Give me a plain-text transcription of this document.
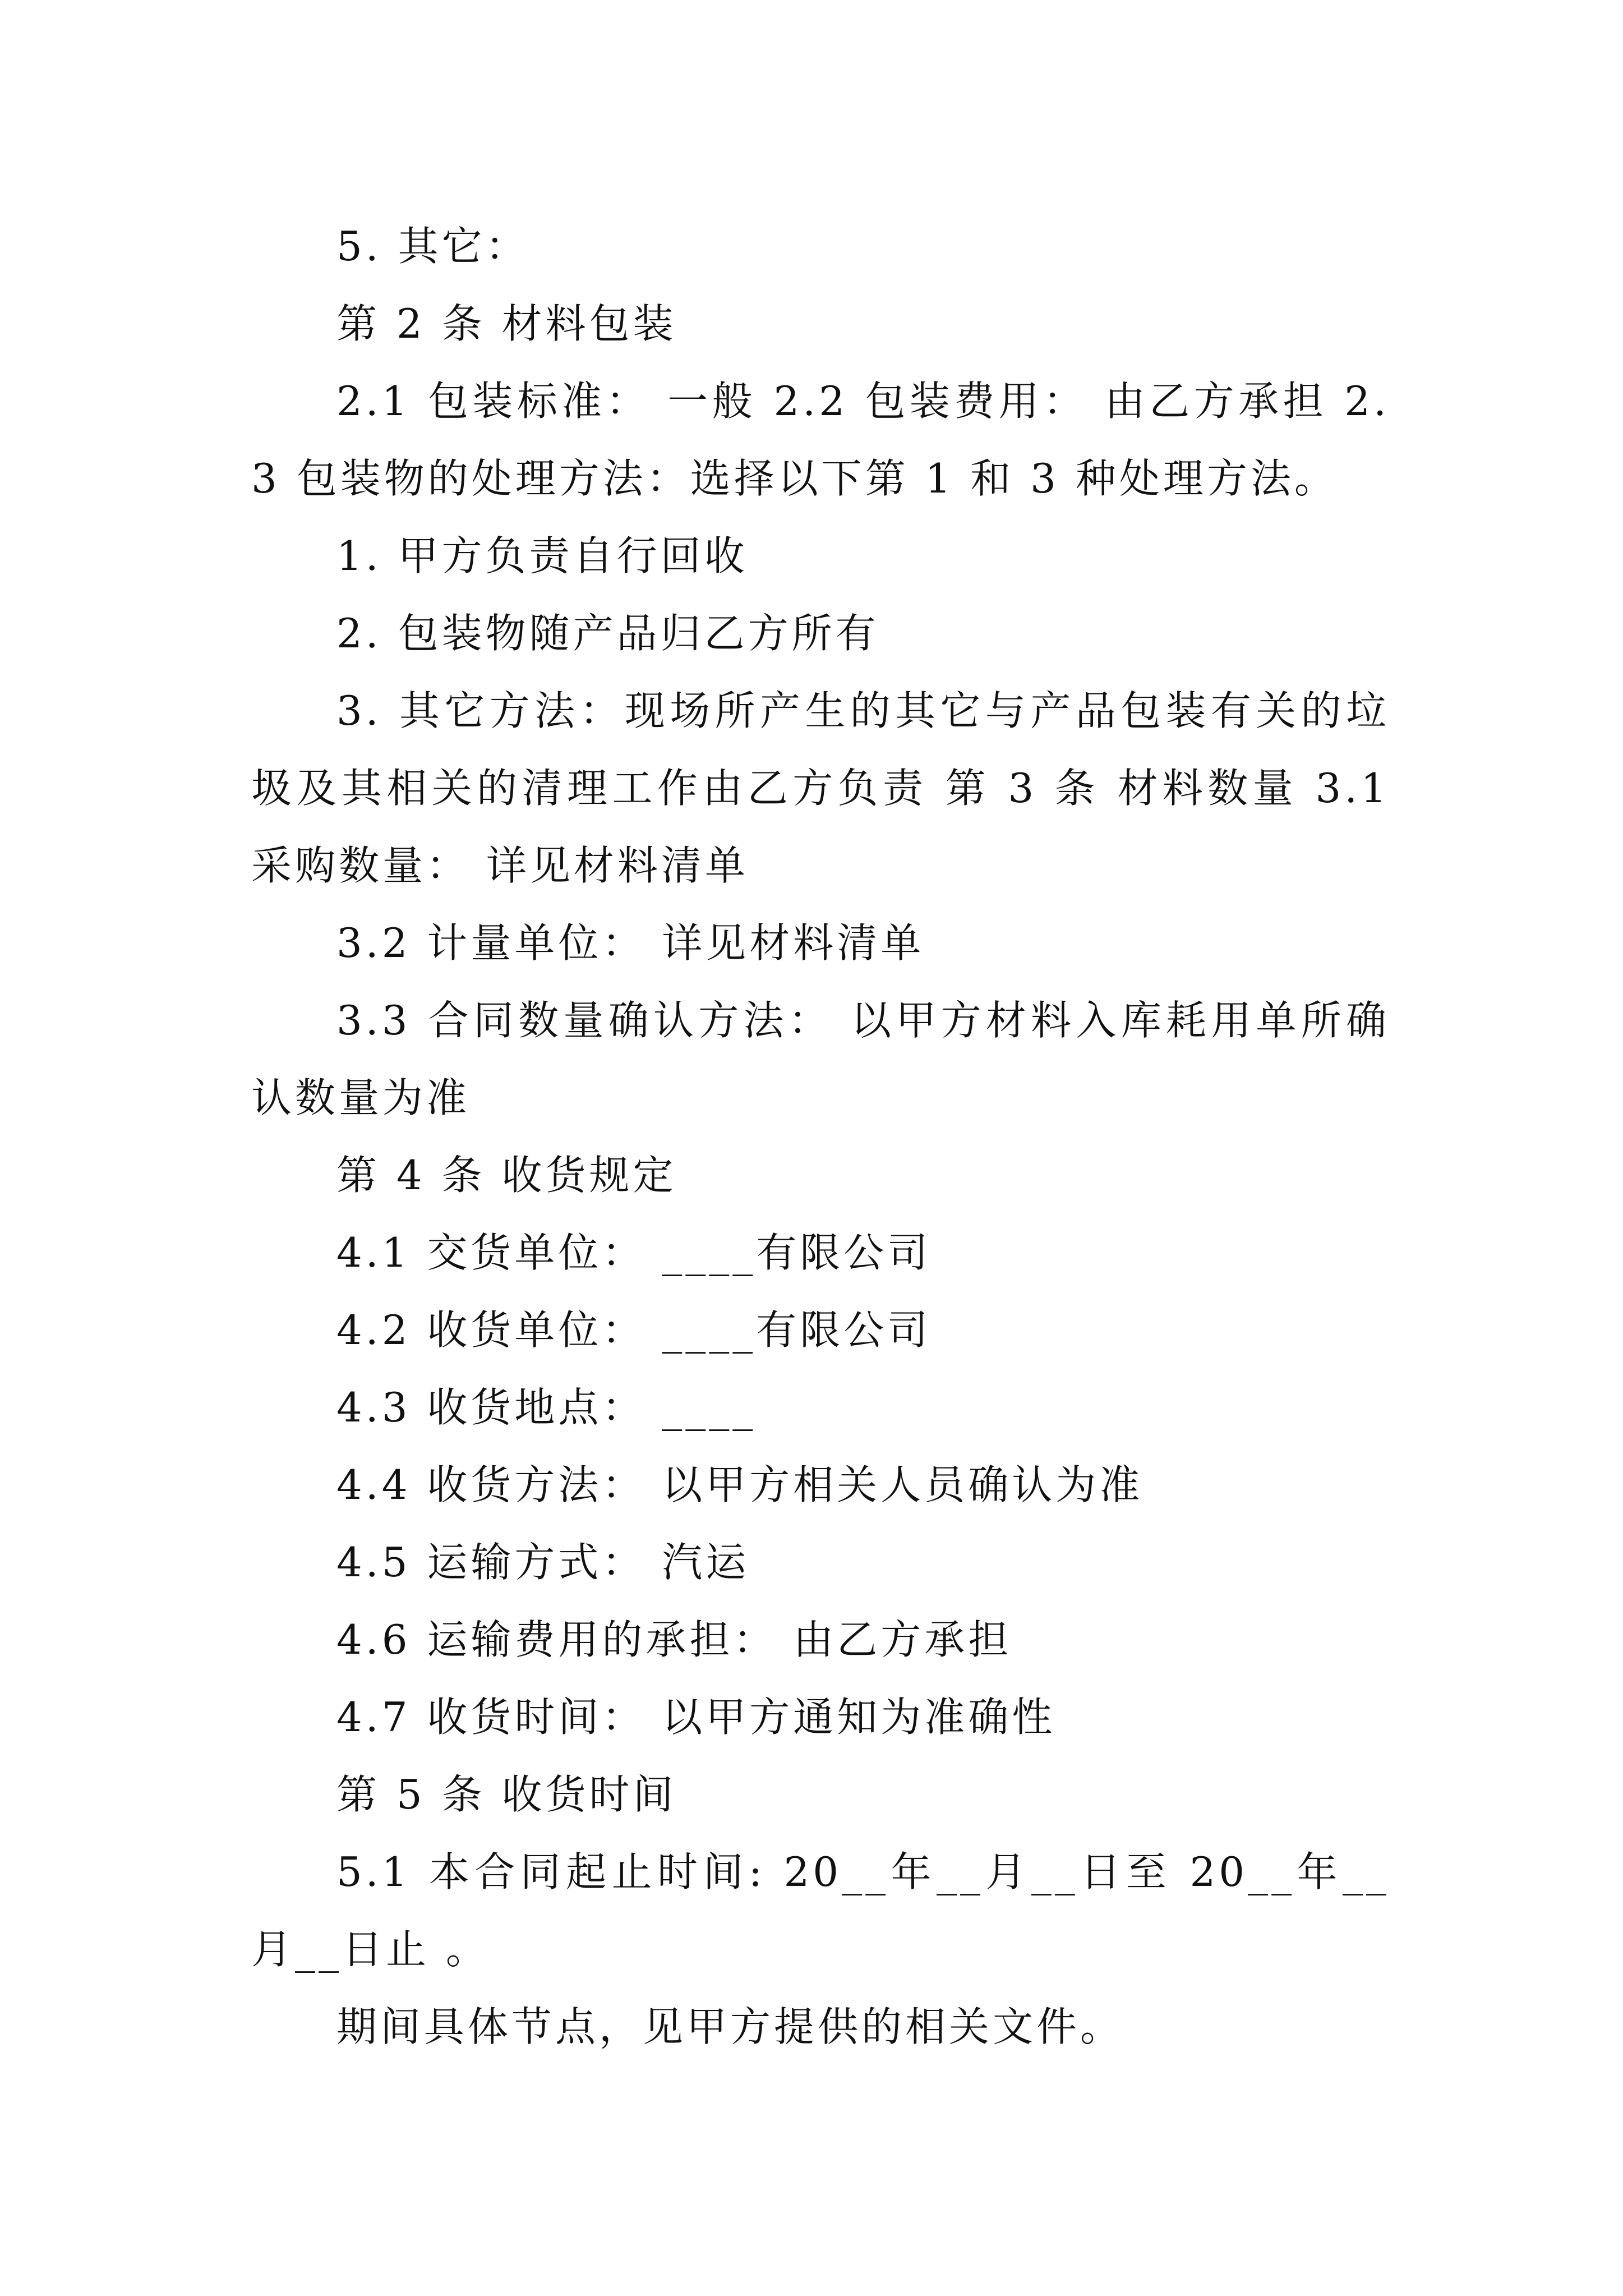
5. 其它：

第 2 条 材料包装

2.1 包装标准： 一般 2.2 包装费用： 由乙方承担 2.3 包装物的处理方法：选择以下第 1 和 3 种处理方法。

1. 甲方负责自行回收

2. 包装物随产品归乙方所有

3. 其它方法：现场所产生的其它与产品包装有关的垃圾及其相关的清理工作由乙方负责 第 3 条 材料数量 3.1 采购数量： 详见材料清单

3.2 计量单位： 详见材料清单

3.3 合同数量确认方法： 以甲方材料入库耗用单所确认数量为准

第 4 条 收货规定

4.1 交货单位： ____有限公司

4.2 收货单位： ____有限公司

4.3 收货地点： ____

4.4 收货方法： 以甲方相关人员确认为准

4.5 运输方式： 汽运

4.6 运输费用的承担： 由乙方承担

4.7 收货时间： 以甲方通知为准确性

第 5 条 收货时间

5.1 本合同起止时间: 20__年__月__日至 20__年__月__日止 。

期间具体节点，见甲方提供的相关文件。
